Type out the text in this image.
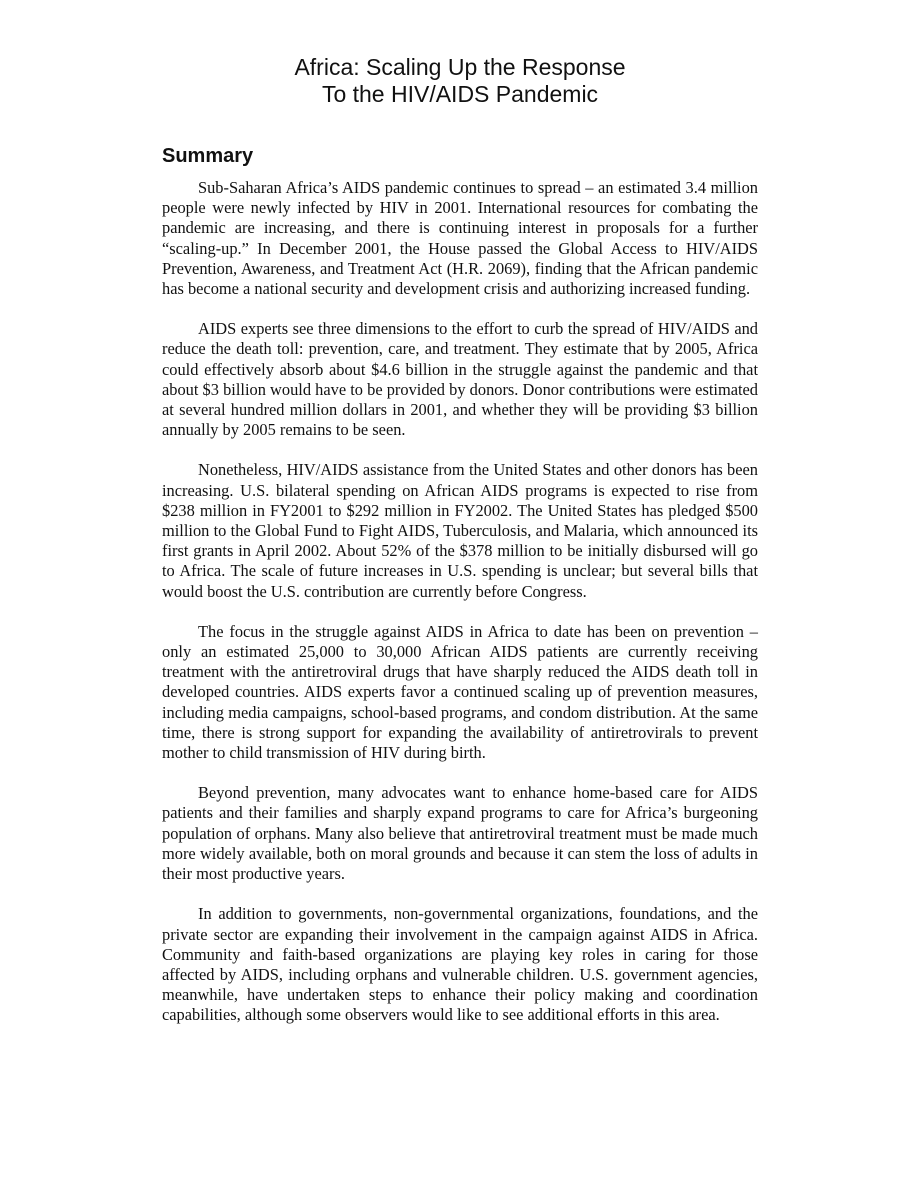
Africa: Scaling Up the Response
To the HIV/AIDS Pandemic
Summary

Sub-Saharan Africa’s AIDS pandemic continues to spread – an estimated 3.4 million people were newly infected by HIV in 2001. International resources for combating the pandemic are increasing, and there is continuing interest in proposals for a further “scaling-up.” In December 2001, the House passed the Global Access to HIV/AIDS Prevention, Awareness, and Treatment Act (H.R. 2069), finding that the African pandemic has become a national security and development crisis and authorizing increased funding.

AIDS experts see three dimensions to the effort to curb the spread of HIV/AIDS and reduce the death toll: prevention, care, and treatment. They estimate that by 2005, Africa could effectively absorb about $4.6 billion in the struggle against the pandemic and that about $3 billion would have to be provided by donors. Donor contributions were estimated at several hundred million dollars in 2001, and whether they will be providing $3 billion annually by 2005 remains to be seen.

Nonetheless, HIV/AIDS assistance from the United States and other donors has been increasing. U.S. bilateral spending on African AIDS programs is expected to rise from $238 million in FY2001 to $292 million in FY2002. The United States has pledged $500 million to the Global Fund to Fight AIDS, Tuberculosis, and Malaria, which announced its first grants in April 2002. About 52% of the $378 million to be initially disbursed will go to Africa. The scale of future increases in U.S. spending is unclear; but several bills that would boost the U.S. contribution are currently before Congress.

The focus in the struggle against AIDS in Africa to date has been on prevention – only an estimated 25,000 to 30,000 African AIDS patients are currently receiving treatment with the antiretroviral drugs that have sharply reduced the AIDS death toll in developed countries. AIDS experts favor a continued scaling up of prevention measures, including media campaigns, school-based programs, and condom distribution. At the same time, there is strong support for expanding the availability of antiretrovirals to prevent mother to child transmission of HIV during birth.

Beyond prevention, many advocates want to enhance home-based care for AIDS patients and their families and sharply expand programs to care for Africa’s burgeoning population of orphans. Many also believe that antiretroviral treatment must be made much more widely available, both on moral grounds and because it can stem the loss of adults in their most productive years.

In addition to governments, non-governmental organizations, foundations, and the private sector are expanding their involvement in the campaign against AIDS in Africa. Community and faith-based organizations are playing key roles in caring for those affected by AIDS, including orphans and vulnerable children. U.S. government agencies, meanwhile, have undertaken steps to enhance their policy making and coordination capabilities, although some observers would like to see additional efforts in this area.
